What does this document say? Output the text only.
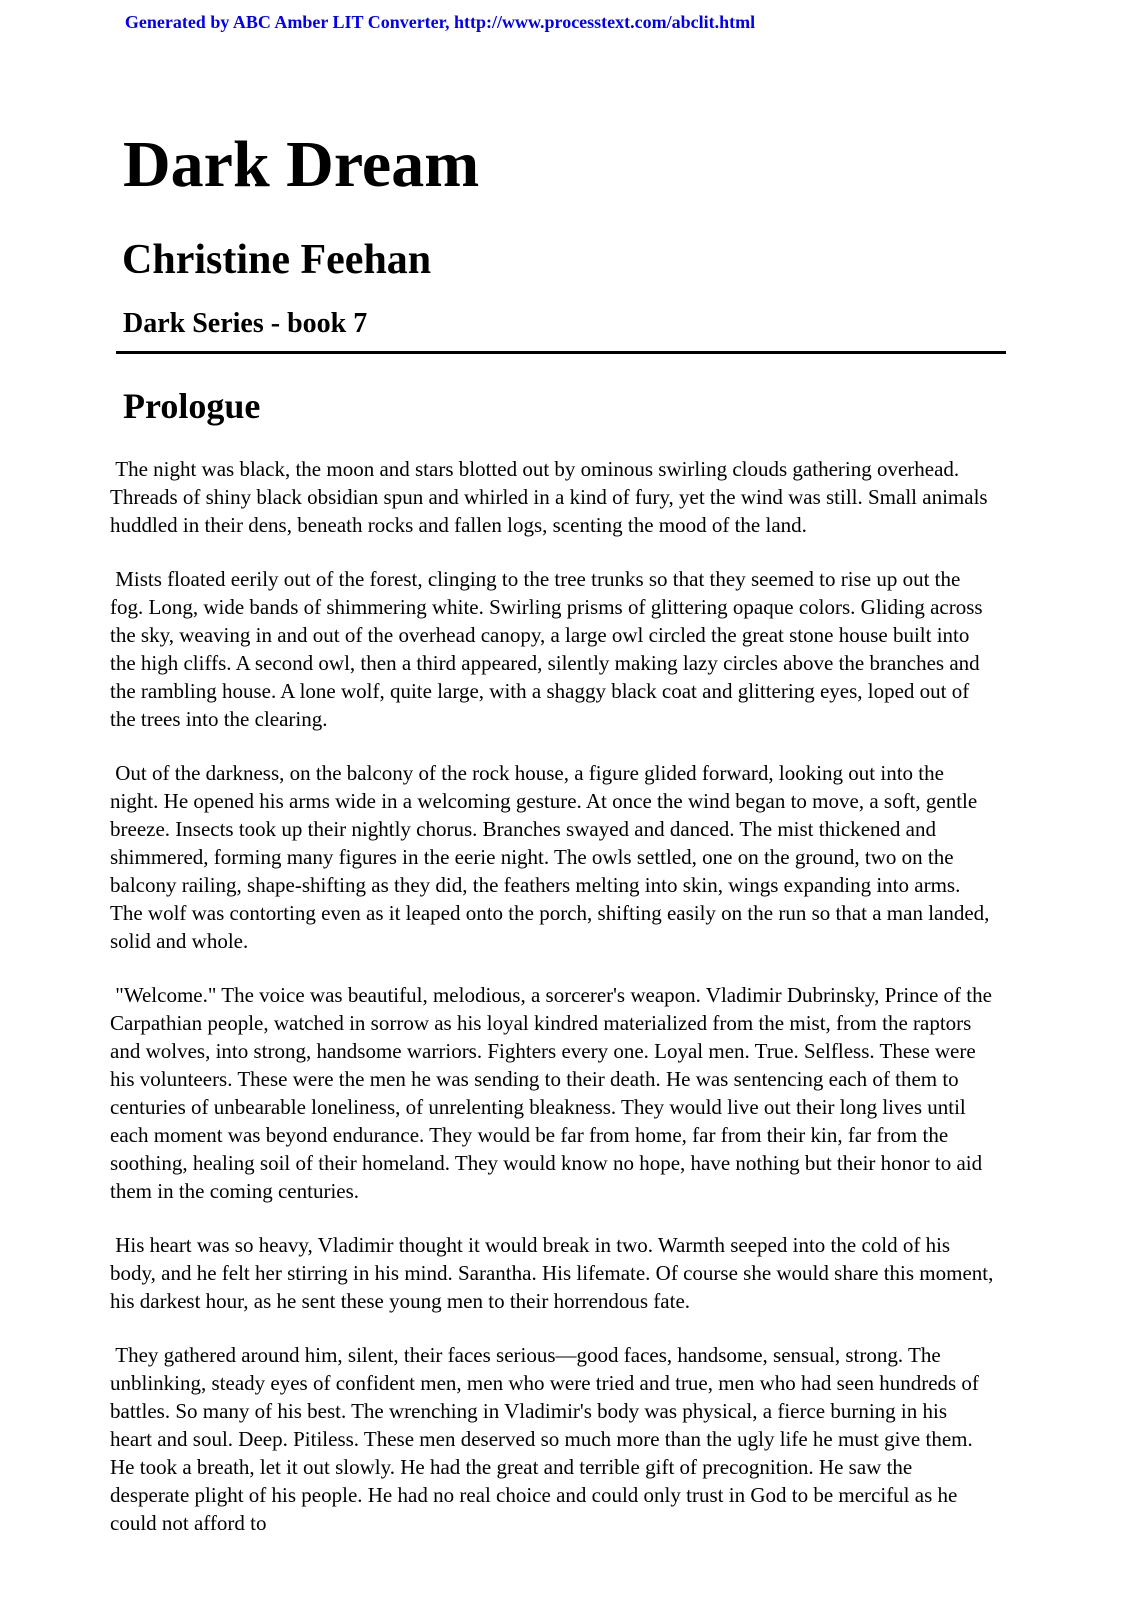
Generated by ABC Amber LIT Converter, http://www.processtext.com/abclit.html
Dark Dream
Christine Feehan
Dark Series - book 7
Prologue

The night was black, the moon and stars blotted out by ominous swirling clouds gathering overhead. Threads of shiny black obsidian spun and whirled in a kind of fury, yet the wind was still. Small animals huddled in their dens, beneath rocks and fallen logs, scenting the mood of the land.

Mists floated eerily out of the forest, clinging to the tree trunks so that they seemed to rise up out the fog. Long, wide bands of shimmering white. Swirling prisms of glittering opaque colors. Gliding across the sky, weaving in and out of the overhead canopy, a large owl circled the great stone house built into the high cliffs. A second owl, then a third appeared, silently making lazy circles above the branches and the rambling house. A lone wolf, quite large, with a shaggy black coat and glittering eyes, loped out of the trees into the clearing.

Out of the darkness, on the balcony of the rock house, a figure glided forward, looking out into the night. He opened his arms wide in a welcoming gesture. At once the wind began to move, a soft, gentle breeze. Insects took up their nightly chorus. Branches swayed and danced. The mist thickened and shimmered, forming many figures in the eerie night. The owls settled, one on the ground, two on the balcony railing, shape-shifting as they did, the feathers melting into skin, wings expanding into arms. The wolf was contorting even as it leaped onto the porch, shifting easily on the run so that a man landed, solid and whole.

"Welcome." The voice was beautiful, melodious, a sorcerer's weapon. Vladimir Dubrinsky, Prince of the Carpathian people, watched in sorrow as his loyal kindred materialized from the mist, from the raptors and wolves, into strong, handsome warriors. Fighters every one. Loyal men. True. Selfless. These were his volunteers. These were the men he was sending to their death. He was sentencing each of them to centuries of unbearable loneliness, of unrelenting bleakness. They would live out their long lives until each moment was beyond endurance. They would be far from home, far from their kin, far from the soothing, healing soil of their homeland. They would know no hope, have nothing but their honor to aid them in the coming centuries.

His heart was so heavy, Vladimir thought it would break in two. Warmth seeped into the cold of his body, and he felt her stirring in his mind. Sarantha. His lifemate. Of course she would share this moment, his darkest hour, as he sent these young men to their horrendous fate.

They gathered around him, silent, their faces serious—good faces, handsome, sensual, strong. The unblinking, steady eyes of confident men, men who were tried and true, men who had seen hundreds of battles. So many of his best. The wrenching in Vladimir's body was physical, a fierce burning in his heart and soul. Deep. Pitiless. These men deserved so much more than the ugly life he must give them. He took a breath, let it out slowly. He had the great and terrible gift of precognition. He saw the desperate plight of his people. He had no real choice and could only trust in God to be merciful as he could not afford to
